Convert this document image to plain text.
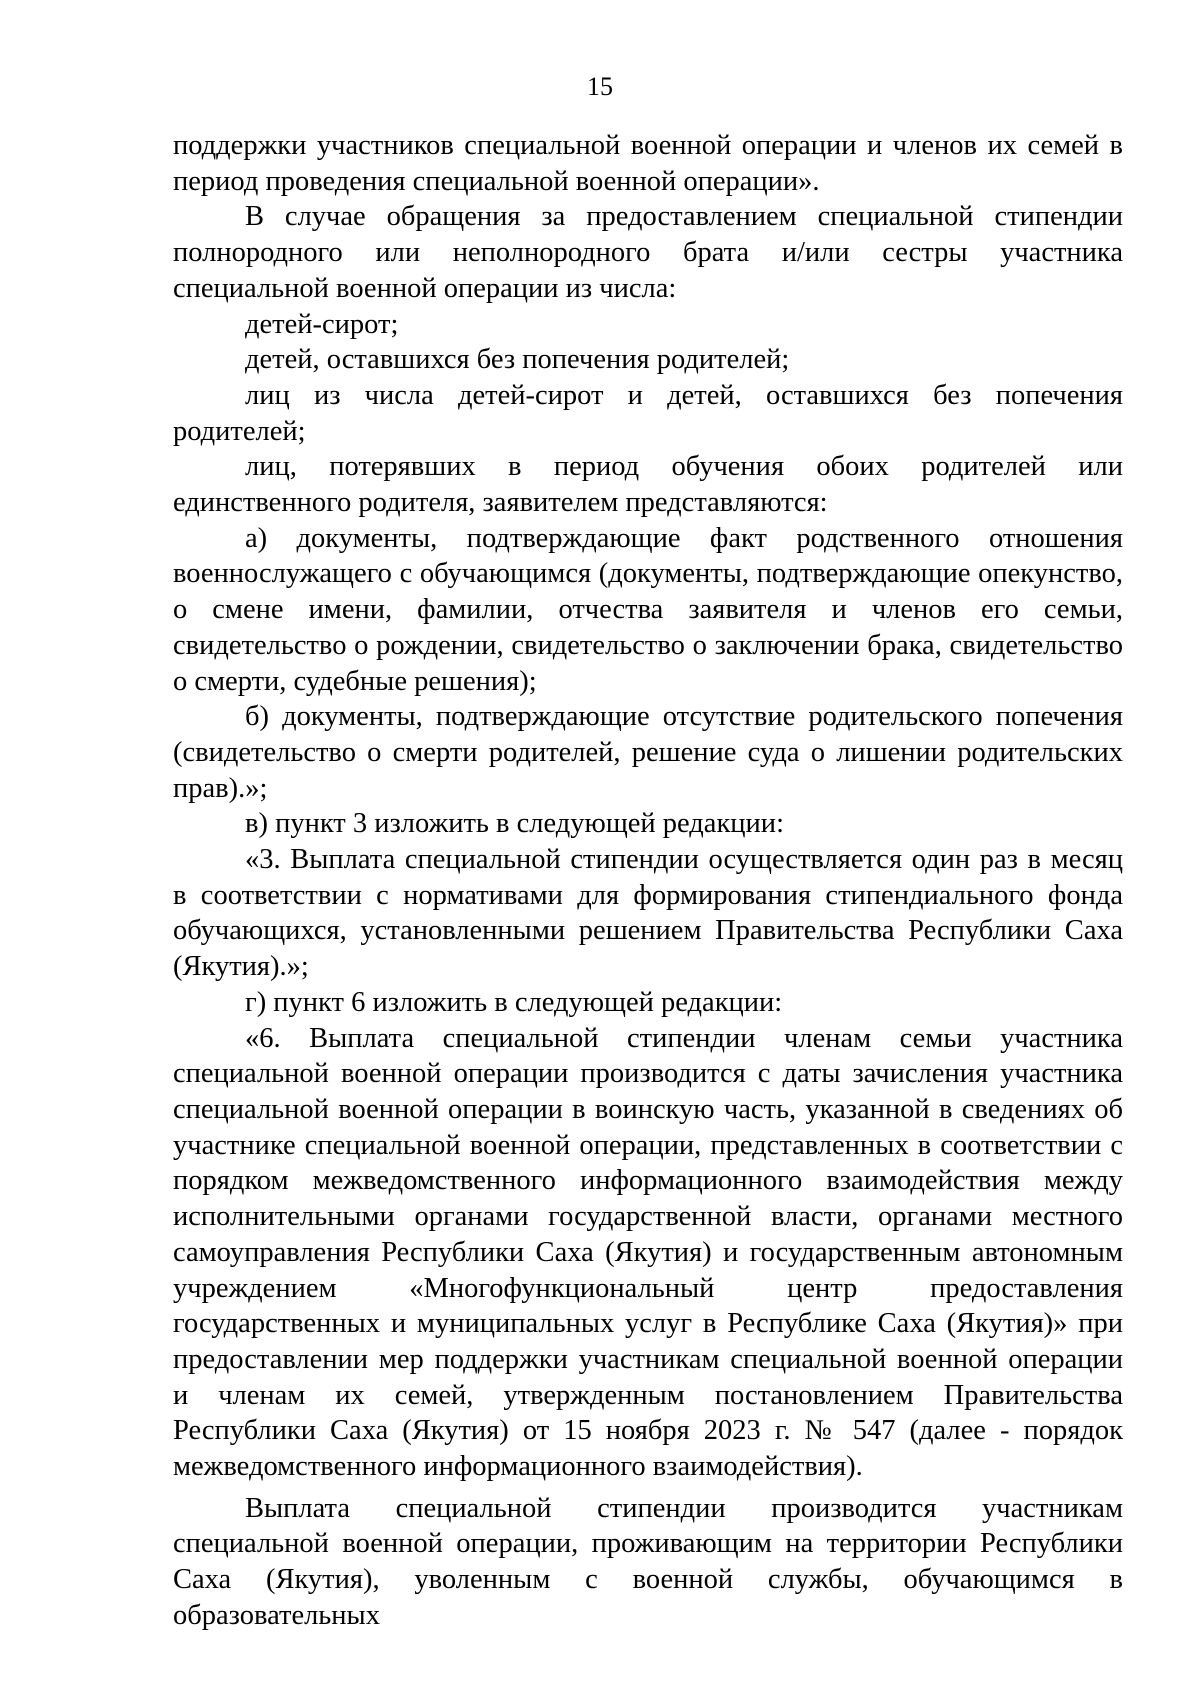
15

поддержки участников специальной военной операции и членов их семей в период проведения специальной военной операции».

В случае обращения за предоставлением специальной стипендии полнородного или неполнородного брата и/или сестры участника специальной военной операции из числа:

детей-сирот;

детей, оставшихся без попечения родителей;

лиц из числа детей-сирот и детей, оставшихся без попечения родителей;

лиц, потерявших в период обучения обоих родителей или единственного родителя, заявителем представляются:

а) документы, подтверждающие факт родственного отношения военнослужащего с обучающимся (документы, подтверждающие опекунство, о смене имени, фамилии, отчества заявителя и членов его семьи, свидетельство о рождении, свидетельство о заключении брака, свидетельство о смерти, судебные решения);

б) документы, подтверждающие отсутствие родительского попечения (свидетельство о смерти родителей, решение суда о лишении родительских прав).»;

в) пункт 3 изложить в следующей редакции:

«3. Выплата специальной стипендии осуществляется один раз в месяц в соответствии с нормативами для формирования стипендиального фонда обучающихся, установленными решением Правительства Республики Саха (Якутия).»;

г) пункт 6 изложить в следующей редакции:

«6. Выплата специальной стипендии членам семьи участника специальной военной операции производится с даты зачисления участника специальной военной операции в воинскую часть, указанной в сведениях об участнике специальной военной операции, представленных в соответствии с порядком межведомственного информационного взаимодействия между исполнительными органами государственной власти, органами местного самоуправления Республики Саха (Якутия) и государственным автономным учреждением «Многофункциональный центр предоставления государственных и муниципальных услуг в Республике Саха (Якутия)» при предоставлении мер поддержки участникам специальной военной операции и членам их семей, утвержденным постановлением Правительства Республики Саха (Якутия) от 15 ноября 2023 г. № 547 (далее - порядок межведомственного информационного взаимодействия).

Выплата специальной стипендии производится участникам специальной военной операции, проживающим на территории Республики Саха (Якутия), уволенным с военной службы, обучающимся в образовательных
